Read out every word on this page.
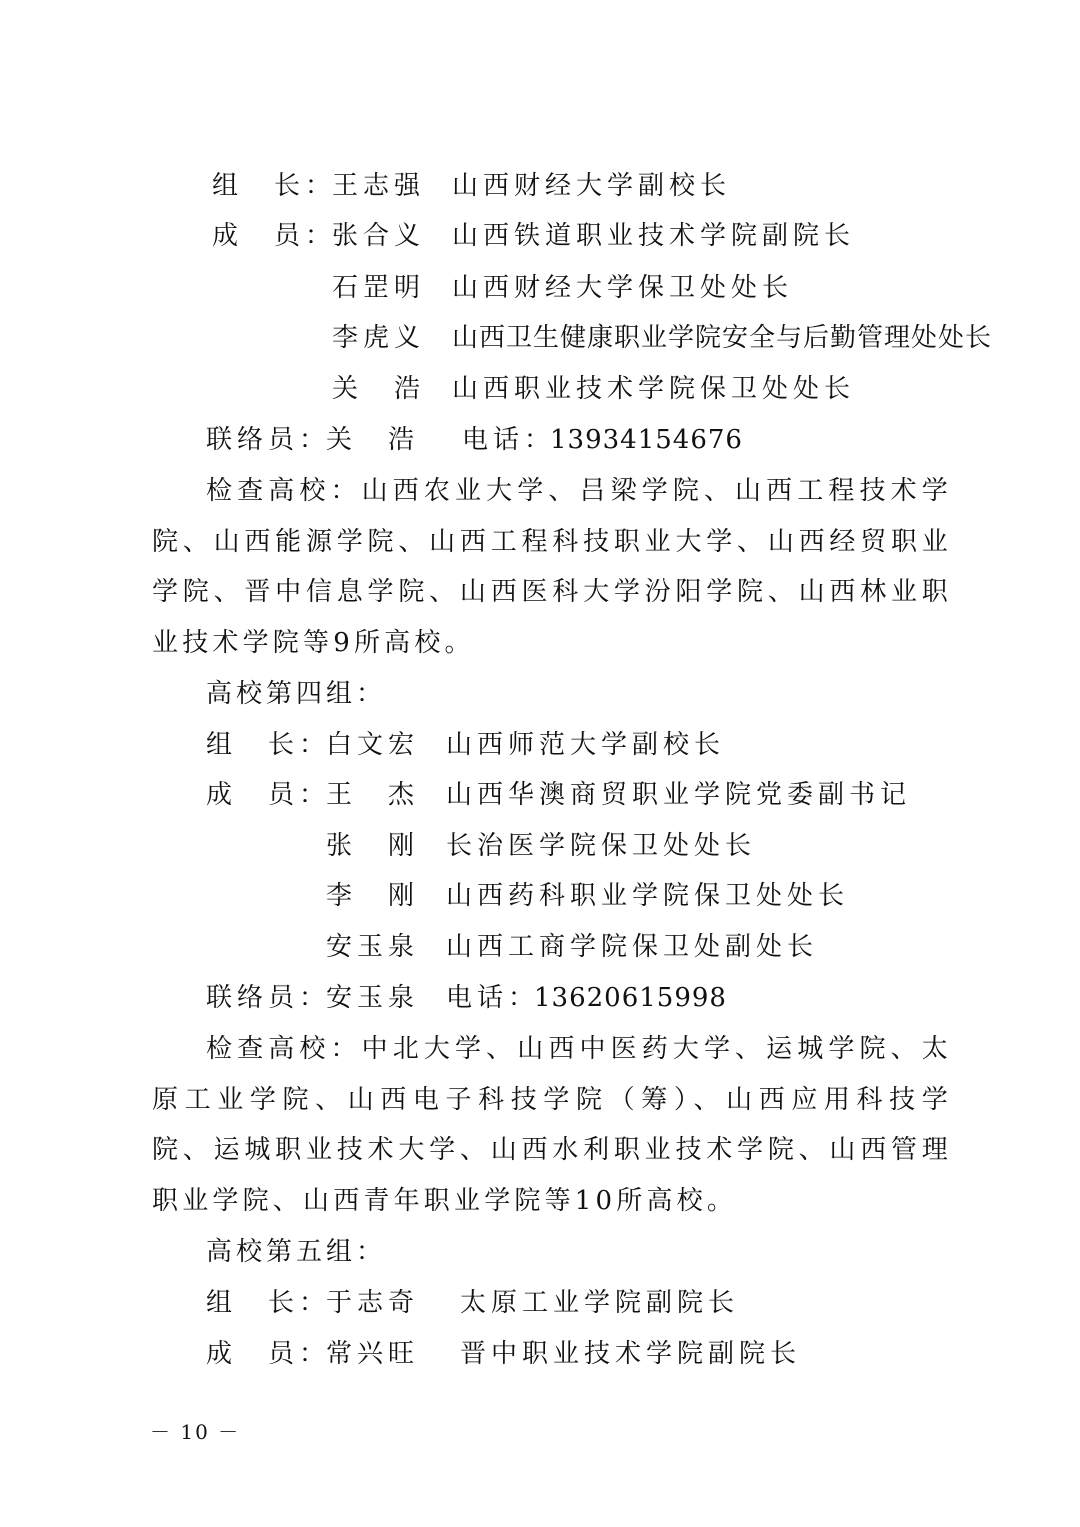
组　长：
王志强 山西财经大学副校长
成　员：
张合义 山西铁道职业技术学院副院长
石罡明 山西财经大学保卫处处长
李虎义 山西卫生健康职业学院安全与后勤管理处处长
关　浩 山西职业技术学院保卫处处长
联络员：
关　浩 电话：
13934154676
检查高校：山西农业大学、吕梁学院、山西工程技术学院、山西能源学院、山西工程科技职业大学、山西经贸职业学院、晋中信息学院、山西医科大学汾阳学院、山西林业职业技术学院等9所高校。
高校第四组：
组　长：
白文宏 山西师范大学副校长
成　员：
王　杰 山西华澳商贸职业学院党委副书记
张　刚 长治医学院保卫处处长
李　刚 山西药科职业学院保卫处处长
安玉泉 山西工商学院保卫处副处长
联络员：
安玉泉 电话：
13620615998
检查高校：中北大学、山西中医药大学、运城学院、太原工业学院、山西电子科技学院（筹）、山西应用科技学院、运城职业技术大学、山西水利职业技术学院、山西管理职业学院、山西青年职业学院等10所高校。
高校第五组：
组　长：
于志奇 太原工业学院副院长
成　员：
常兴旺 晋中职业技术学院副院长
－ 10 －
